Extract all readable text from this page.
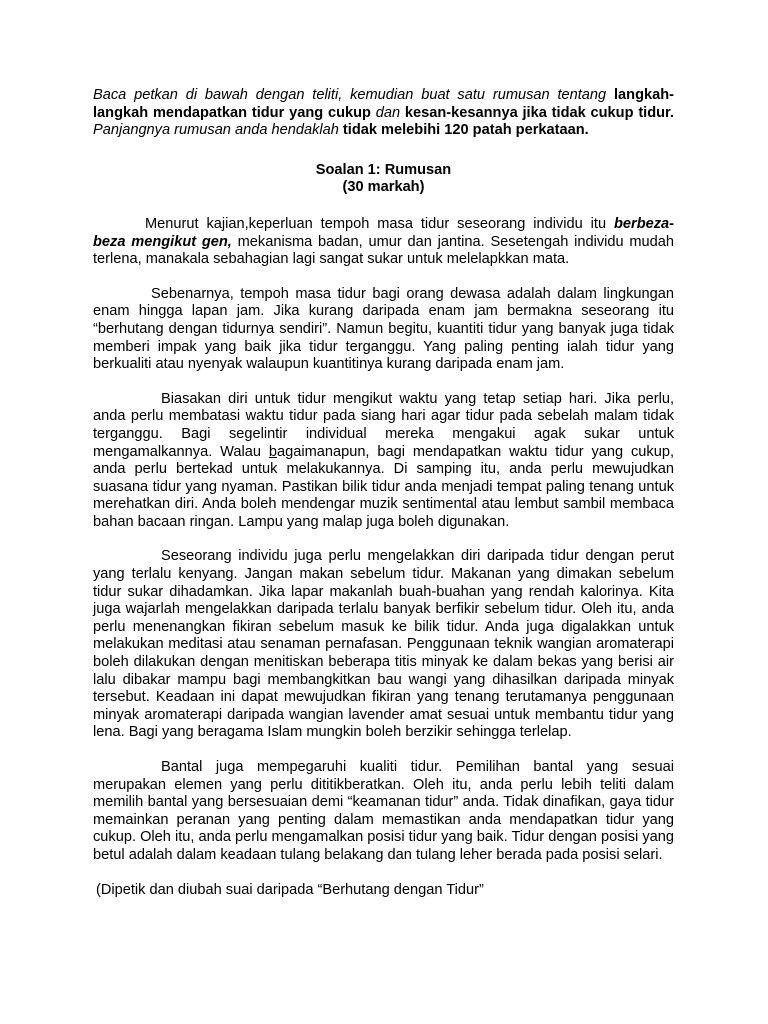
Baca petkan di bawah dengan teliti, kemudian buat satu rumusan tentang langkah-langkah mendapatkan tidur yang cukup dan kesan-kesannya jika tidak cukup tidur. Panjangnya rumusan anda hendaklah tidak melebihi 120 patah perkataan.

Soalan 1: Rumusan
(30 markah)

Menurut kajian,keperluan tempoh masa tidur seseorang individu itu berbeza-beza mengikut gen, mekanisma badan, umur dan jantina. Sesetengah individu mudah terlena, manakala sebahagian lagi sangat sukar untuk melelapkkan mata.

Sebenarnya, tempoh masa tidur bagi orang dewasa adalah dalam lingkungan enam hingga lapan jam. Jika kurang daripada enam jam bermakna seseorang itu “berhutang dengan tidurnya sendiri”. Namun begitu, kuantiti tidur yang banyak juga tidak memberi impak yang baik jika tidur terganggu. Yang paling penting ialah tidur yang berkualiti atau nyenyak walaupun kuantitinya kurang daripada enam jam.

Biasakan diri untuk tidur mengikut waktu yang tetap setiap hari. Jika perlu, anda perlu membatasi waktu tidur pada siang hari agar tidur pada sebelah malam tidak terganggu. Bagi segelintir individual mereka mengakui agak sukar untuk mengamalkannya. Walau bagaimanapun, bagi mendapatkan waktu tidur yang cukup, anda perlu bertekad untuk melakukannya. Di samping itu, anda perlu mewujudkan suasana tidur yang nyaman. Pastikan bilik tidur anda menjadi tempat paling tenang untuk merehatkan diri. Anda boleh mendengar muzik sentimental atau lembut sambil membaca bahan bacaan ringan. Lampu yang malap juga boleh digunakan.

Seseorang individu juga perlu mengelakkan diri daripada tidur dengan perut yang terlalu kenyang. Jangan makan sebelum tidur. Makanan yang dimakan sebelum tidur sukar dihadamkan. Jika lapar makanlah buah-buahan yang rendah kalorinya. Kita juga wajarlah mengelakkan daripada terlalu banyak berfikir sebelum tidur. Oleh itu, anda perlu menenangkan fikiran sebelum masuk ke bilik tidur. Anda juga digalakkan untuk melakukan meditasi atau senaman pernafasan. Penggunaan teknik wangian aromaterapi boleh dilakukan dengan menitiskan beberapa titis minyak ke dalam bekas yang berisi air lalu dibakar mampu bagi membangkitkan bau wangi yang dihasilkan daripada minyak tersebut. Keadaan ini dapat mewujudkan fikiran yang tenang terutamanya penggunaan minyak aromaterapi daripada wangian lavender amat sesuai untuk membantu tidur yang lena. Bagi yang beragama Islam mungkin boleh berzikir sehingga terlelap.

Bantal juga mempegaruhi kualiti tidur. Pemilihan bantal yang sesuai merupakan elemen yang perlu dititikberatkan. Oleh itu, anda perlu lebih teliti dalam memilih bantal yang bersesuaian demi “keamanan tidur” anda. Tidak dinafikan, gaya tidur memainkan peranan yang penting dalam memastikan anda mendapatkan tidur yang cukup. Oleh itu, anda perlu mengamalkan posisi tidur yang baik. Tidur dengan posisi yang betul adalah dalam keadaan tulang belakang dan tulang leher berada pada posisi selari.

(Dipetik dan diubah suai daripada “Berhutang dengan Tidur”
